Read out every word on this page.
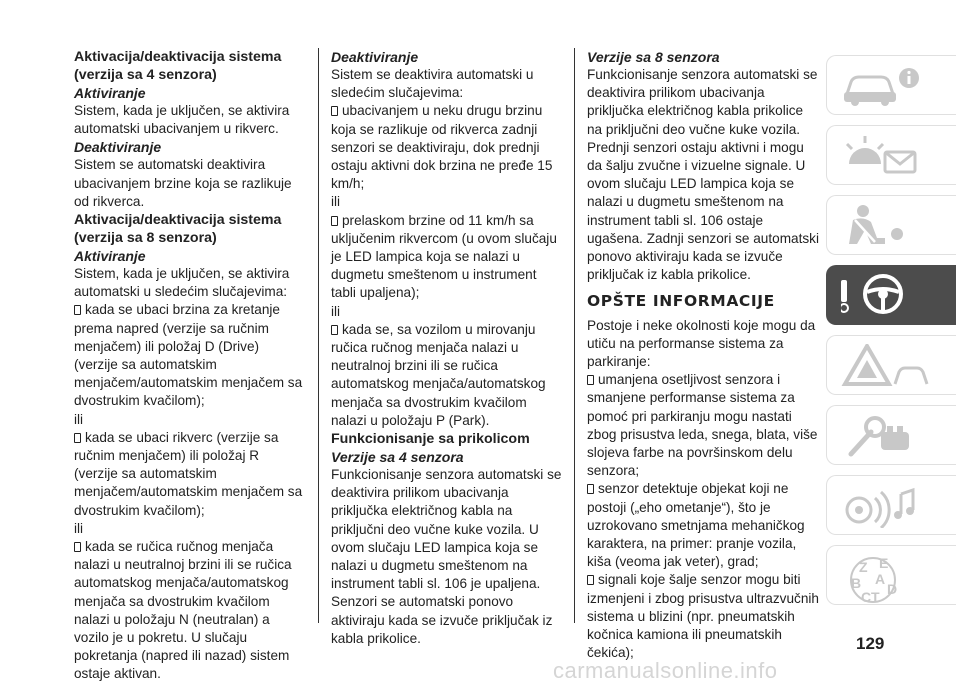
Aktivacija/deaktivacija sistema (verzija sa 4 senzora)
Aktiviranje

Sistem, kada je uključen, se aktivira automatski ubacivanjem u rikverc.

Deaktiviranje

Sistem se automatski deaktivira ubacivanjem brzine koja se razlikuje od rikverca.

Aktivacija/deaktivacija sistema (verzija sa 8 senzora)
Aktiviranje

Sistem, kada je uključen, se aktivira automatski u sledećim slučajevima:

kada se ubaci brzina za kretanje prema napred (verzije sa ručnim menjačem) ili položaj D (Drive) (verzije sa automatskim menjačem/automatskim menjačem sa dvostrukim kvačilom);

ili

kada se ubaci rikverc (verzije sa ručnim menjačem) ili položaj R (verzije sa automatskim menjačem/automatskim menjačem sa dvostrukim kvačilom);

ili

kada se ručica ručnog menjača nalazi u neutralnoj brzini ili se ručica automatskog menjača/automatskog menjača sa dvostrukim kvačilom nalazi u položaju N (neutralan) a vozilo je u pokretu. U slučaju pokretanja (napred ili nazad) sistem ostaje aktivan.

Deaktiviranje

Sistem se deaktivira automatski u sledećim slučajevima:

ubacivanjem u neku drugu brzinu koja se razlikuje od rikverca zadnji senzori se deaktiviraju, dok prednji ostaju aktivni dok brzina ne pređe 15 km/h;

ili

prelaskom brzine od 11 km/h sa uključenim rikvercom (u ovom slučaju je LED lampica koja se nalazi u dugmetu smeštenom u instrument tabli upaljena);

ili

kada se, sa vozilom u mirovanju ručica ručnog menjača nalazi u neutralnoj brzini ili se ručica automatskog menjača/automatskog menjača sa dvostrukim kvačilom nalazi u položaju P (Park).

Funkcionisanje sa prikolicom
Verzije sa 4 senzora

Funkcionisanje senzora automatski se deaktivira prilikom ubacivanja priključka električnog kabla na priključni deo vučne kuke vozila. U ovom slučaju LED lampica koja se nalazi u dugmetu smeštenom na instrument tabli sl. 106 je upaljena. Senzori se automatski ponovo aktiviraju kada se izvuče priključak iz kabla prikolice.

Verzije sa 8 senzora

Funkcionisanje senzora automatski se deaktivira prilikom ubacivanja priključka električnog kabla prikolice na priključni deo vučne kuke vozila. Prednji senzori ostaju aktivni i mogu da šalju zvučne i vizuelne signale. U ovom slučaju LED lampica koja se nalazi u dugmetu smeštenom na instrument tabli sl. 106 ostaje ugašena. Zadnji senzori se automatski ponovo aktiviraju kada se izvuče priključak iz kabla prikolice.

OPŠTE INFORMACIJE

Postoje i neke okolnosti koje mogu da utiču na performanse sistema za parkiranje:

umanjena osetljivost senzora i smanjene performanse sistema za pomoć pri parkiranju mogu nastati zbog prisustva leda, snega, blata, više slojeva farbe na površinskom delu senzora;

senzor detektuje objekat koji ne postoji („eho ometanje“), što je uzrokovano smetnjama mehaničkog karaktera, na primer: pranje vozila, kiša (veoma jak veter), grad;

signali koje šalje senzor mogu biti izmenjeni i zbog prisustva ultrazvučnih sistema u blizini (npr. pneumatskih kočnica kamiona ili pneumatskih čekića);

Z E
B A
C T D
129
carmanualsonline.info
